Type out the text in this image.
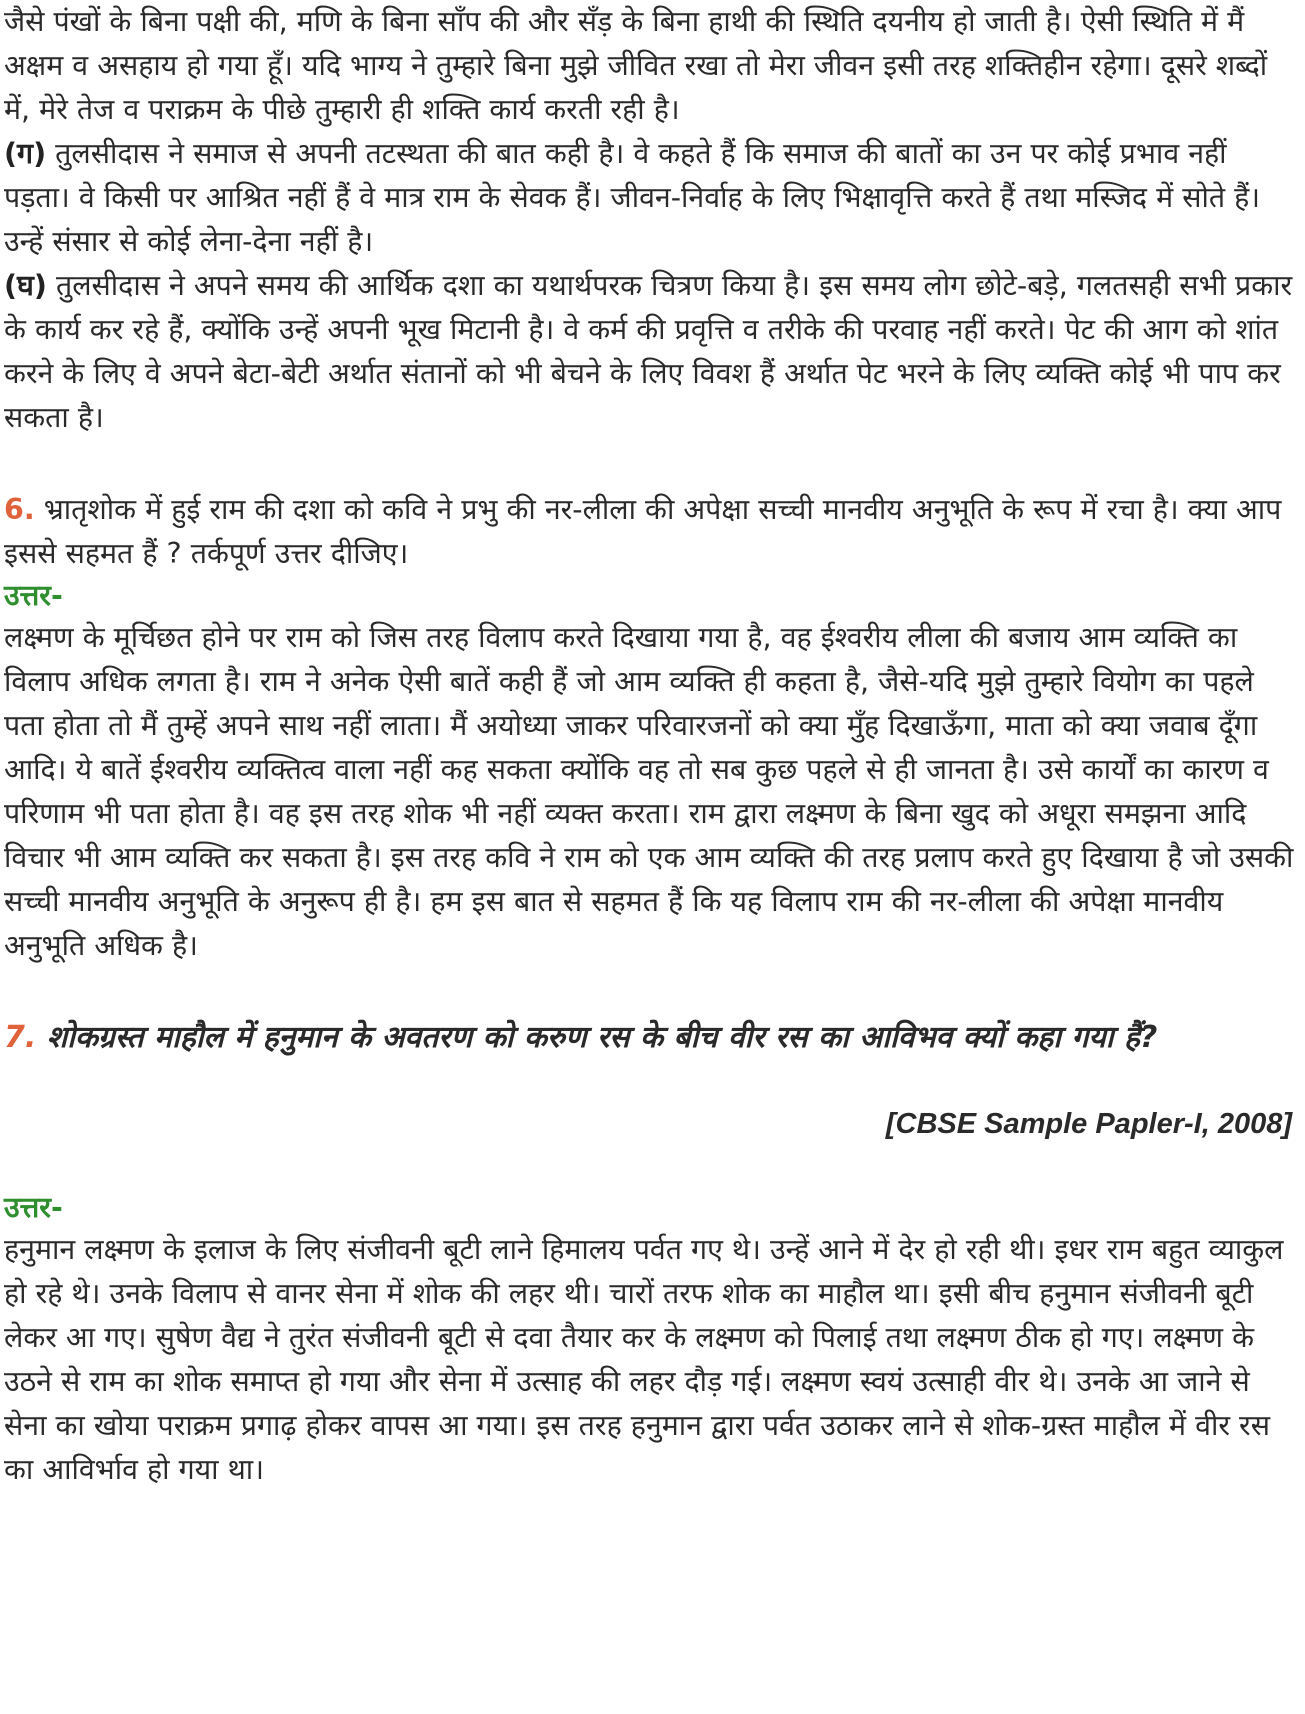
जैसे पंखों के बिना पक्षी की, मणि के बिना साँप की और सँड़ के बिना हाथी की स्थिति दयनीय हो जाती है। ऐसी स्थिति में मैं अक्षम व असहाय हो गया हूँ। यदि भाग्य ने तुम्हारे बिना मुझे जीवित रखा तो मेरा जीवन इसी तरह शक्तिहीन रहेगा। दूसरे शब्दों में, मेरे तेज व पराक्रम के पीछे तुम्हारी ही शक्ति कार्य करती रही है।

(ग) तुलसीदास ने समाज से अपनी तटस्थता की बात कही है। वे कहते हैं कि समाज की बातों का उन पर कोई प्रभाव नहीं पड़ता। वे किसी पर आश्रित नहीं हैं वे मात्र राम के सेवक हैं। जीवन-निर्वाह के लिए भिक्षावृत्ति करते हैं तथा मस्जिद में सोते हैं। उन्हें संसार से कोई लेना-देना नहीं है।

(घ) तुलसीदास ने अपने समय की आर्थिक दशा का यथार्थपरक चित्रण किया है। इस समय लोग छोटे-बड़े, गलतसही सभी प्रकार के कार्य कर रहे हैं, क्योंकि उन्हें अपनी भूख मिटानी है। वे कर्म की प्रवृत्ति व तरीके की परवाह नहीं करते। पेट की आग को शांत करने के लिए वे अपने बेटा-बेटी अर्थात संतानों को भी बेचने के लिए विवश हैं अर्थात पेट भरने के लिए व्यक्ति कोई भी पाप कर सकता है।

6. भ्रातृशोक में हुई राम की दशा को कवि ने प्रभु की नर-लीला की अपेक्षा सच्ची मानवीय अनुभूति के रूप में रचा है। क्या आप इससे सहमत हैं ? तर्कपूर्ण उत्तर दीजिए।

उत्तर-

लक्ष्मण के मूर्चिछत होने पर राम को जिस तरह विलाप करते दिखाया गया है, वह ईश्वरीय लीला की बजाय आम व्यक्ति का विलाप अधिक लगता है। राम ने अनेक ऐसी बातें कही हैं जो आम व्यक्ति ही कहता है, जैसे-यदि मुझे तुम्हारे वियोग का पहले पता होता तो मैं तुम्हें अपने साथ नहीं लाता। मैं अयोध्या जाकर परिवारजनों को क्या मुँह दिखाऊँगा, माता को क्या जवाब दूँगा आदि। ये बातें ईश्वरीय व्यक्तित्व वाला नहीं कह सकता क्योंकि वह तो सब कुछ पहले से ही जानता है। उसे कार्यों का कारण व परिणाम भी पता होता है। वह इस तरह शोक भी नहीं व्यक्त करता। राम द्वारा लक्ष्मण के बिना खुद को अधूरा समझना आदि विचार भी आम व्यक्ति कर सकता है। इस तरह कवि ने राम को एक आम व्यक्ति की तरह प्रलाप करते हुए दिखाया है जो उसकी सच्ची मानवीय अनुभूति के अनुरूप ही है। हम इस बात से सहमत हैं कि यह विलाप राम की नर-लीला की अपेक्षा मानवीय अनुभूति अधिक है।

7. शोकग्रस्त माहौल में हनुमान के अवतरण को करुण रस के बीच वीर रस का आविभव क्यों कहा गया हैं?

[CBSE Sample Papler-I, 2008]

उत्तर-

हनुमान लक्ष्मण के इलाज के लिए संजीवनी बूटी लाने हिमालय पर्वत गए थे। उन्हें आने में देर हो रही थी। इधर राम बहुत व्याकुल हो रहे थे। उनके विलाप से वानर सेना में शोक की लहर थी। चारों तरफ शोक का माहौल था। इसी बीच हनुमान संजीवनी बूटी लेकर आ गए। सुषेण वैद्य ने तुरंत संजीवनी बूटी से दवा तैयार कर के लक्ष्मण को पिलाई तथा लक्ष्मण ठीक हो गए। लक्ष्मण के उठने से राम का शोक समाप्त हो गया और सेना में उत्साह की लहर दौड़ गई। लक्ष्मण स्वयं उत्साही वीर थे। उनके आ जाने से सेना का खोया पराक्रम प्रगाढ़ होकर वापस आ गया। इस तरह हनुमान द्वारा पर्वत उठाकर लाने से शोक-ग्रस्त माहौल में वीर रस का आविर्भाव हो गया था।
